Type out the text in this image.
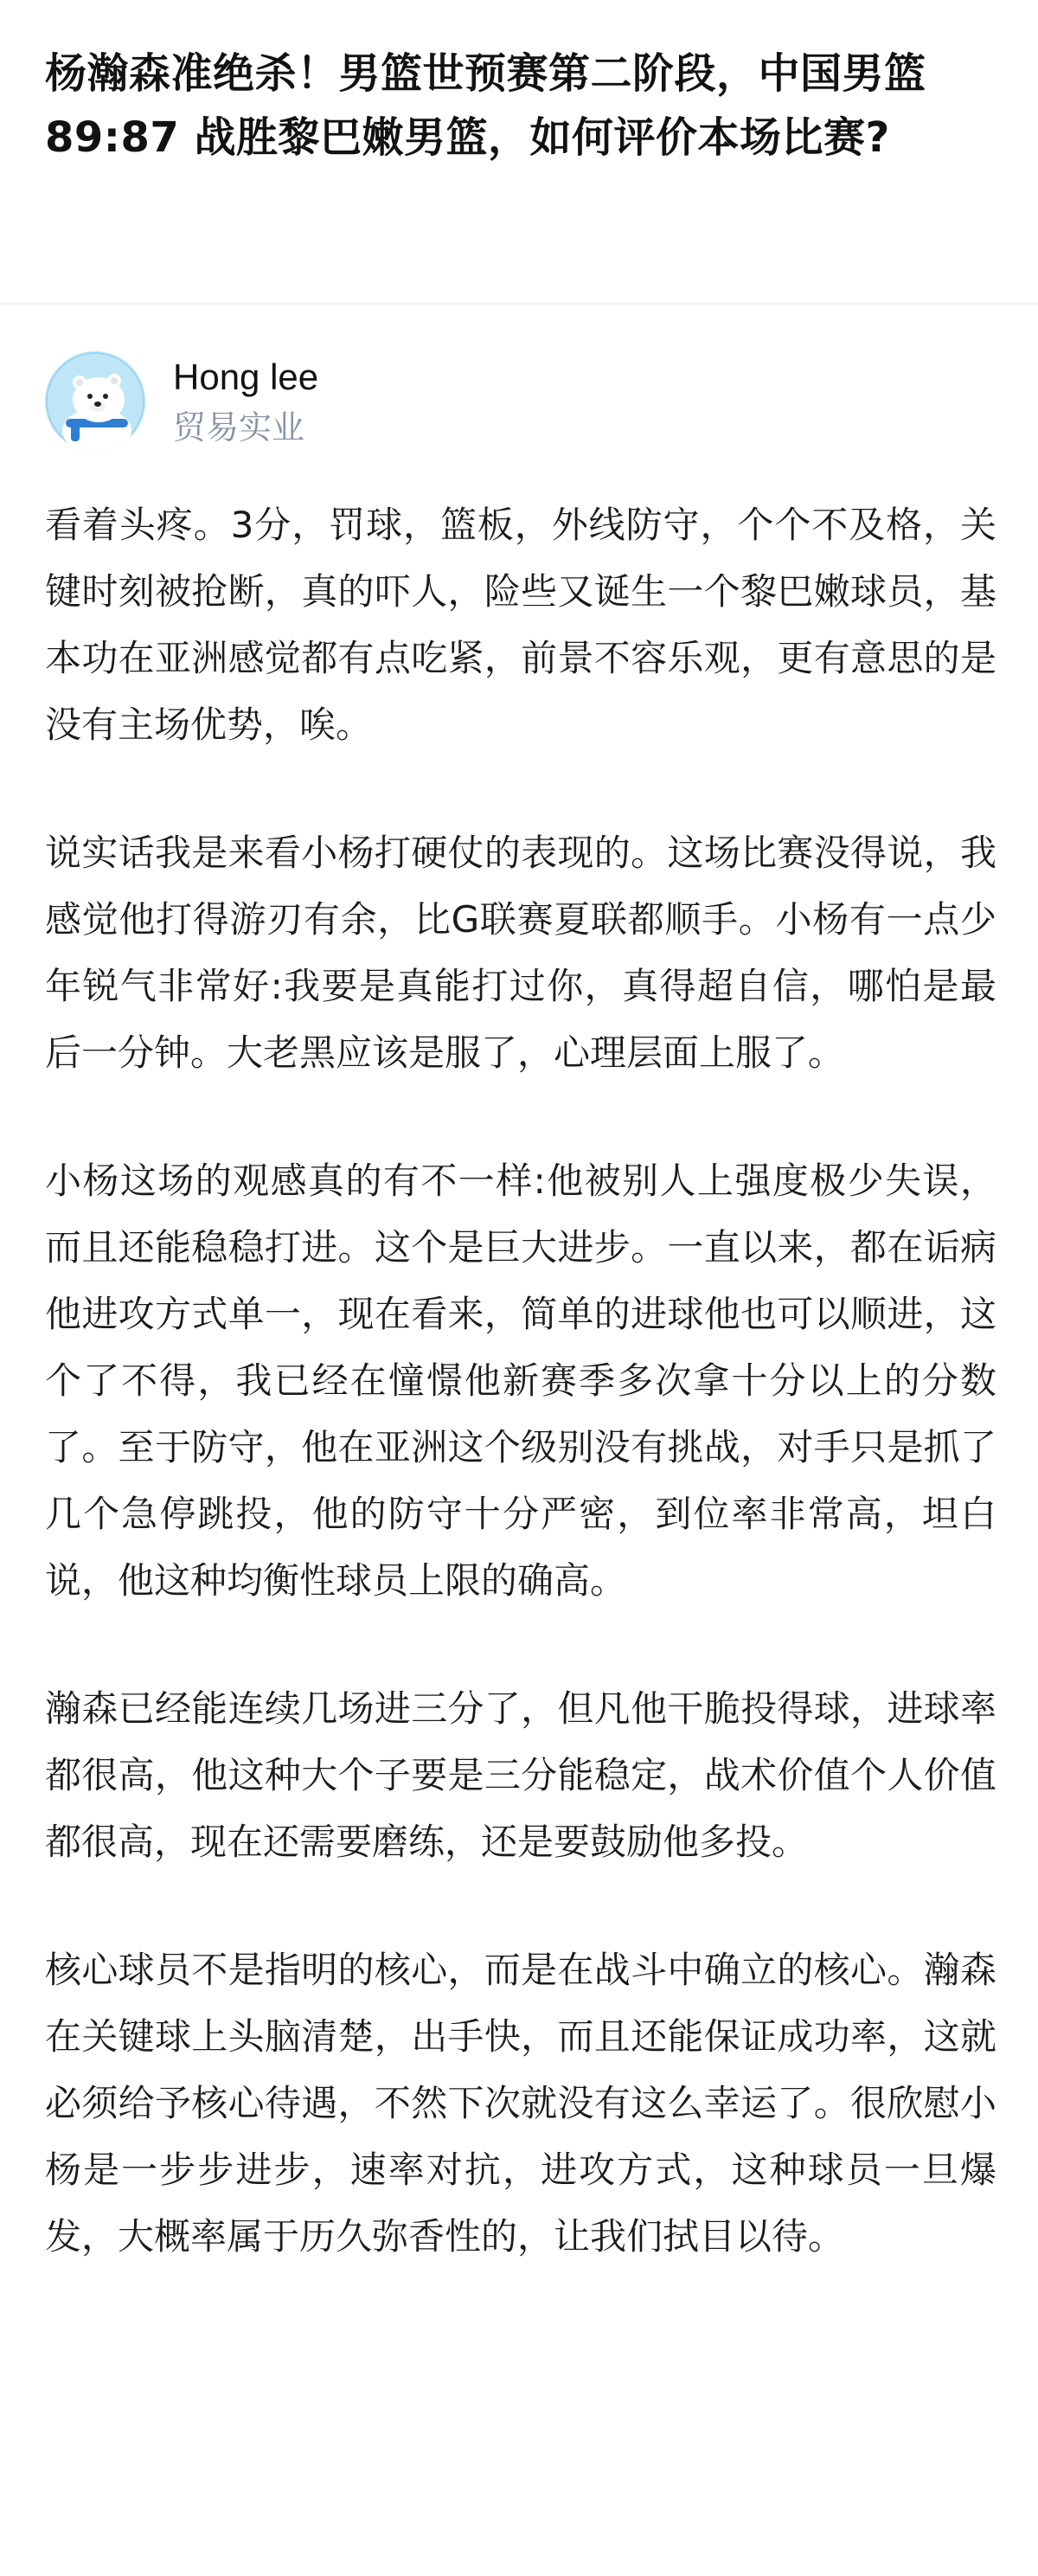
杨瀚森准绝杀！男篮世预赛第二阶段，中国男篮 89:87 战胜黎巴嫩男篮，如何评价本场比赛?
Hong lee
贸易实业

看着头疼。3分，罚球，篮板，外线防守，个个不及格，关键时刻被抢断，真的吓人，险些又诞生一个黎巴嫩球员，基本功在亚洲感觉都有点吃紧，前景不容乐观，更有意思的是没有主场优势，唉。

说实话我是来看小杨打硬仗的表现的。这场比赛没得说，我感觉他打得游刃有余，比G联赛夏联都顺手。小杨有一点少年锐气非常好:我要是真能打过你，真得超自信，哪怕是最后一分钟。大老黑应该是服了，心理层面上服了。

小杨这场的观感真的有不一样:他被别人上强度极少失误，而且还能稳稳打进。这个是巨大进步。一直以来，都在诟病他进攻方式单一，现在看来，简单的进球他也可以顺进，这个了不得，我已经在憧憬他新赛季多次拿十分以上的分数了。至于防守，他在亚洲这个级别没有挑战，对手只是抓了几个急停跳投，他的防守十分严密，到位率非常高，坦白说，他这种均衡性球员上限的确高。

瀚森已经能连续几场进三分了，但凡他干脆投得球，进球率都很高，他这种大个子要是三分能稳定，战术价值个人价值都很高，现在还需要磨练，还是要鼓励他多投。

核心球员不是指明的核心，而是在战斗中确立的核心。瀚森在关键球上头脑清楚，出手快，而且还能保证成功率，这就必须给予核心待遇，不然下次就没有这么幸运了。很欣慰小杨是一步步进步，速率对抗，进攻方式，这种球员一旦爆发，大概率属于历久弥香性的，让我们拭目以待。
